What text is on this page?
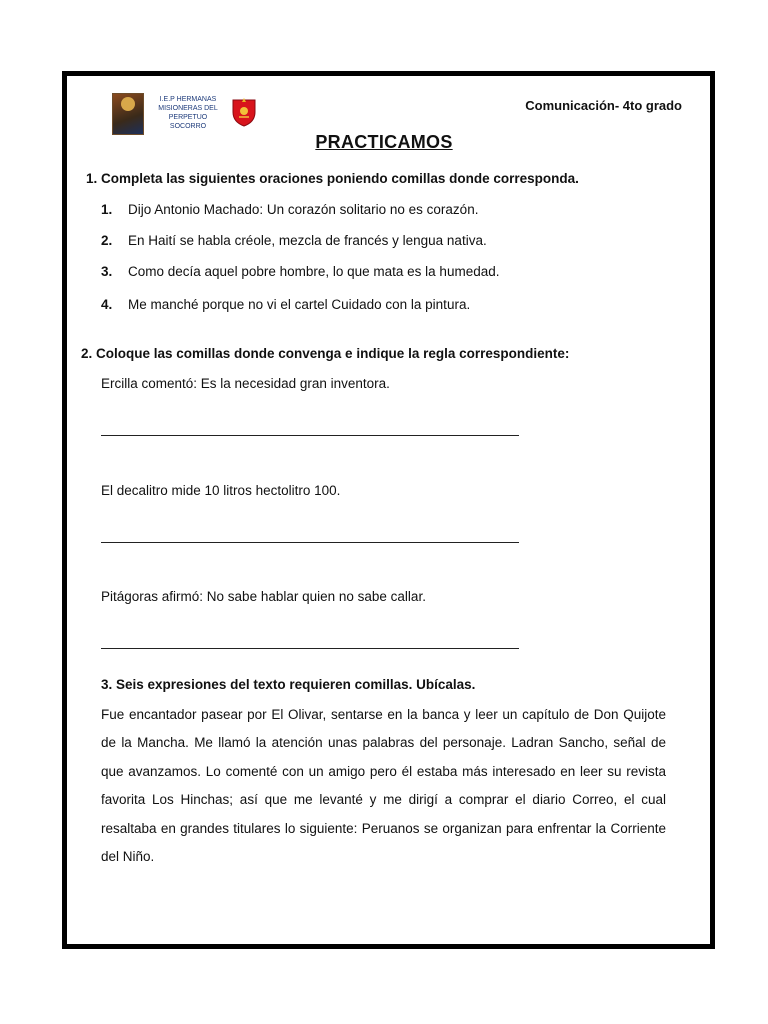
I.E.P HERMANAS
MISIONERAS DEL PERPETUO
SOCORRO
Comunicación- 4to grado
PRACTICAMOS
1. Completa las siguientes oraciones poniendo comillas donde corresponda.
1. Dijo Antonio Machado: Un corazón solitario no es corazón.
2. En Haití se habla créole, mezcla de francés y lengua nativa.
3. Como decía aquel pobre hombre, lo que mata es la humedad.
4. Me manché porque no vi el cartel Cuidado con la pintura.
2. Coloque las comillas donde convenga e indique la regla correspondiente:
Ercilla comentó: Es la necesidad gran inventora.
El decalitro mide 10 litros hectolitro 100.
Pitágoras afirmó: No sabe hablar quien no sabe callar.
3. Seis expresiones del texto requieren comillas. Ubícalas.
Fue encantador pasear por El Olivar, sentarse en la banca y leer un capítulo de Don Quijote de la Mancha. Me llamó la atención unas palabras del personaje. Ladran Sancho, señal de que avanzamos. Lo comenté con un amigo pero él estaba más interesado en leer su revista favorita Los Hinchas; así que me levanté y me dirigí a comprar el diario Correo, el cual resaltaba en grandes titulares lo siguiente: Peruanos se organizan para enfrentar la Corriente del Niño.
